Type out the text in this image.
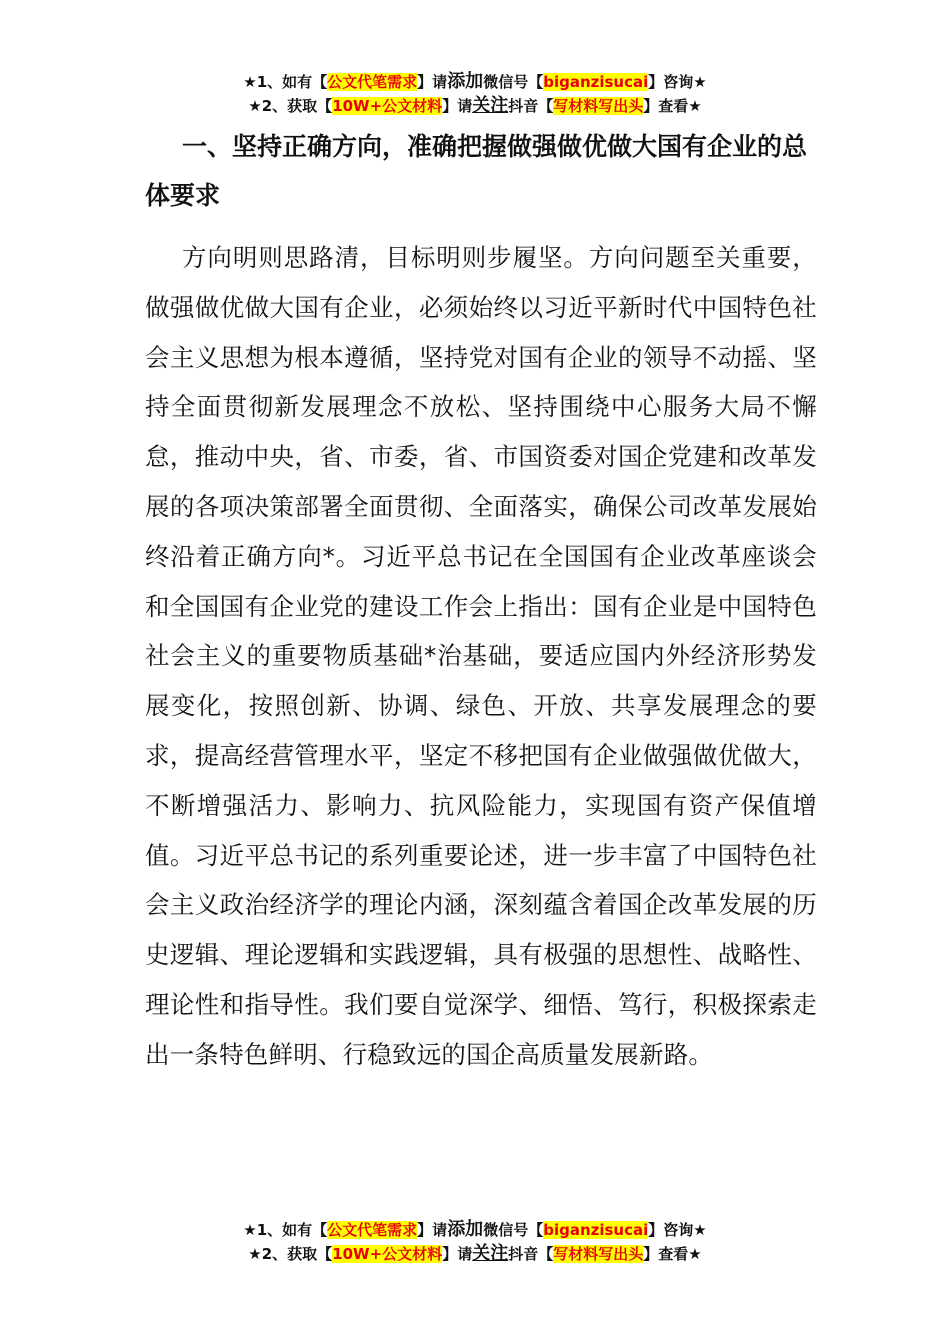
★1、如有【公文代笔需求】请添加微信号【biganzisucai】咨询★
★2、获取【10W+公文材料】请关注抖音【写材料写出头】查看★
一、坚持正确方向，准确把握做强做优做大国有企业的总体要求
方向明则思路清，目标明则步履坚。方向问题至关重要，做强做优做大国有企业，必须始终以习近平新时代中国特色社会主义思想为根本遵循，坚持党对国有企业的领导不动摇、坚持全面贯彻新发展理念不放松、坚持围绕中心服务大局不懈怠，推动中央，省、市委，省、市国资委对国企党建和改革发展的各项决策部署全面贯彻、全面落实，确保公司改革发展始终沿着正确方向*。习近平总书记在全国国有企业改革座谈会和全国国有企业党的建设工作会上指出：国有企业是中国特色社会主义的重要物质基础*治基础，要适应国内外经济形势发展变化，按照创新、协调、绿色、开放、共享发展理念的要求，提高经营管理水平，坚定不移把国有企业做强做优做大，不断增强活力、影响力、抗风险能力，实现国有资产保值增值。习近平总书记的系列重要论述，进一步丰富了中国特色社会主义政治经济学的理论内涵，深刻蕴含着国企改革发展的历史逻辑、理论逻辑和实践逻辑，具有极强的思想性、战略性、理论性和指导性。我们要自觉深学、细悟、笃行，积极探索走出一条特色鲜明、行稳致远的国企高质量发展新路。
★1、如有【公文代笔需求】请添加微信号【biganzisucai】咨询★
★2、获取【10W+公文材料】请关注抖音【写材料写出头】查看★
